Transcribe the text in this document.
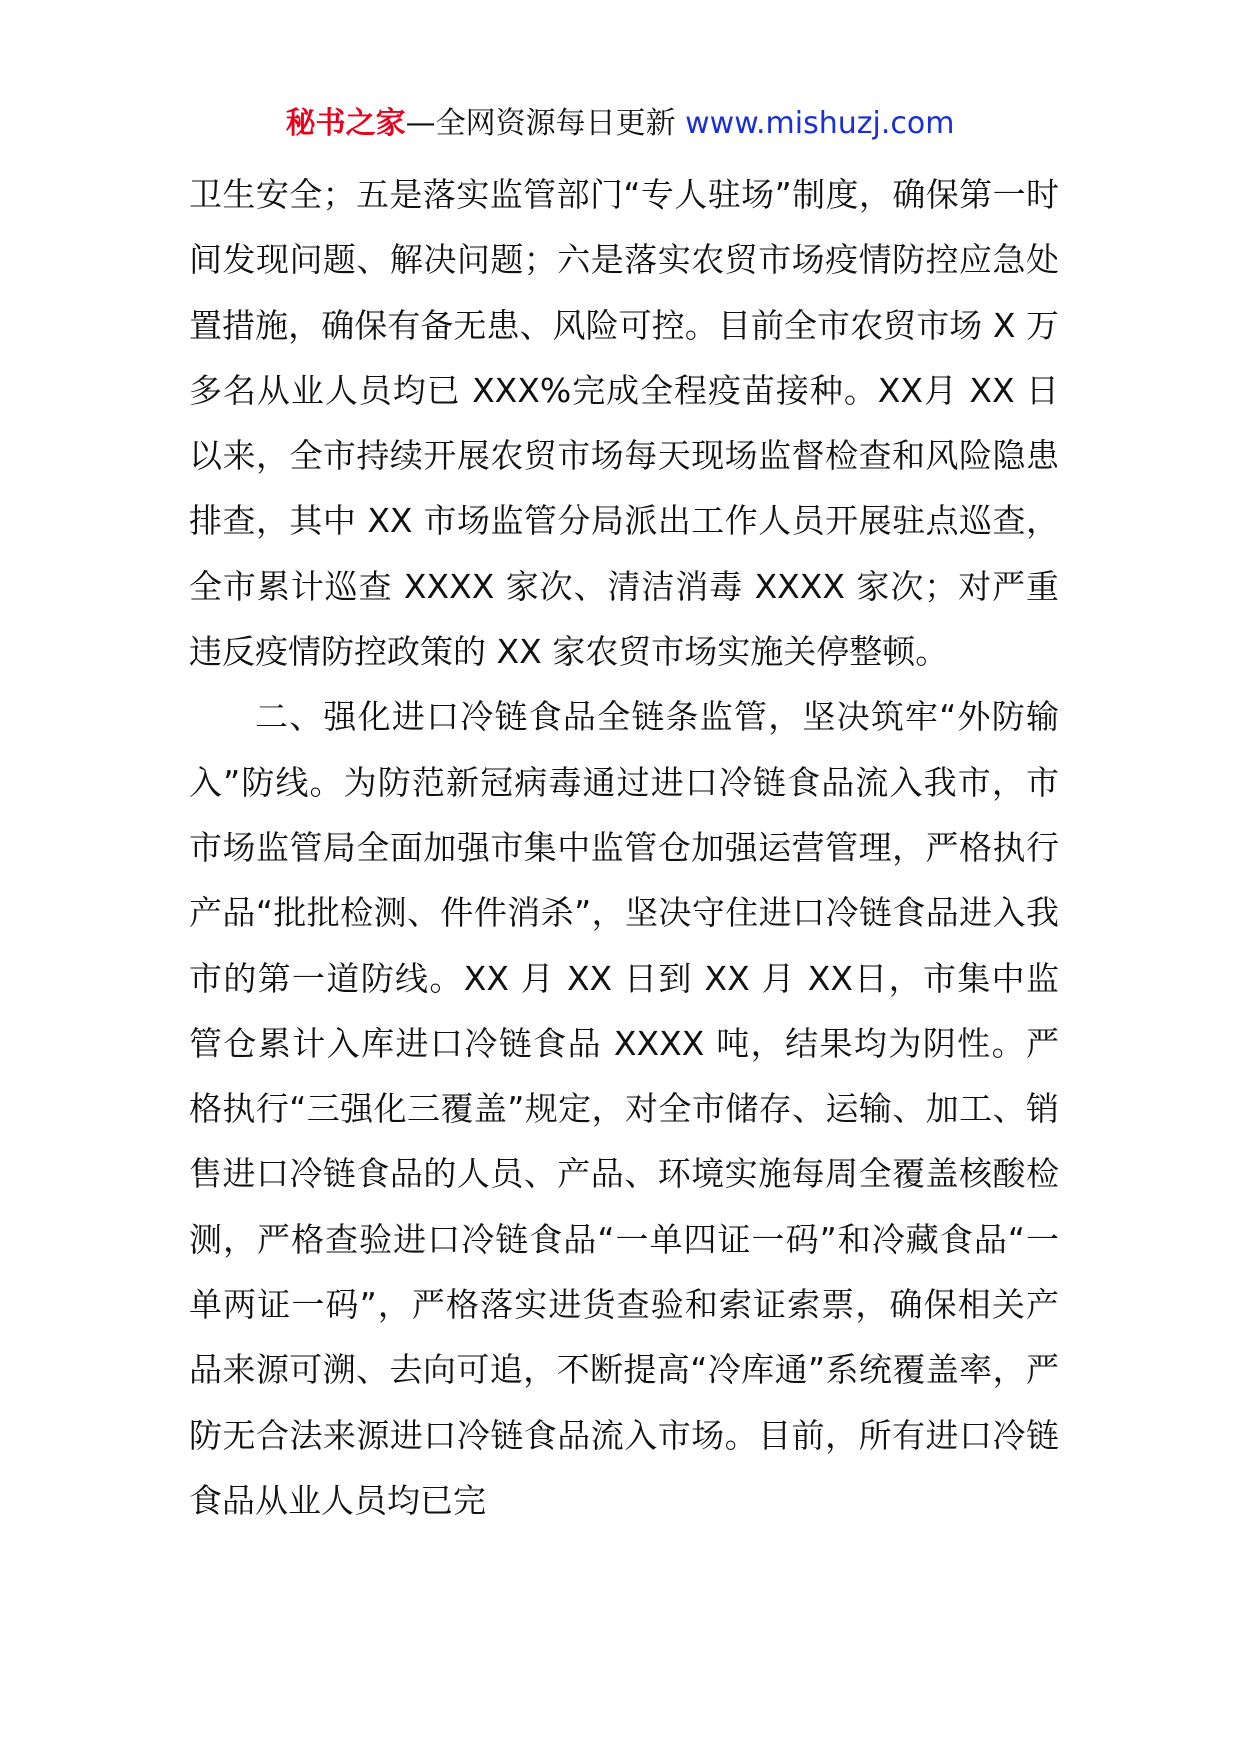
秘书之家—全网资源每日更新 www.mishuzj.com

卫生安全；五是落实监管部门“专人驻场”制度，确保第一时间发现问题、解决问题；六是落实农贸市场疫情防控应急处置措施，确保有备无患、风险可控。目前全市农贸市场 X 万多名从业人员均已 XXX%完成全程疫苗接种。XX月 XX 日以来，全市持续开展农贸市场每天现场监督检查和风险隐患排查，其中 XX 市场监管分局派出工作人员开展驻点巡查，全市累计巡查 XXXX 家次、清洁消毒 XXXX 家次；对严重违反疫情防控政策的 XX 家农贸市场实施关停整顿。

二、强化进口冷链食品全链条监管，坚决筑牢“外防输入”防线。为防范新冠病毒通过进口冷链食品流入我市，市市场监管局全面加强市集中监管仓加强运营管理，严格执行产品“批批检测、件件消杀”，坚决守住进口冷链食品进入我市的第一道防线。XX 月 XX 日到 XX 月 XX日，市集中监管仓累计入库进口冷链食品 XXXX 吨，结果均为阴性。严格执行“三强化三覆盖”规定，对全市储存、运输、加工、销售进口冷链食品的人员、产品、环境实施每周全覆盖核酸检测，严格查验进口冷链食品“一单四证一码”和冷藏食品“一单两证一码”，严格落实进货查验和索证索票，确保相关产品来源可溯、去向可追，不断提高“冷库通”系统覆盖率，严防无合法来源进口冷链食品流入市场。目前，所有进口冷链食品从业人员均已完
